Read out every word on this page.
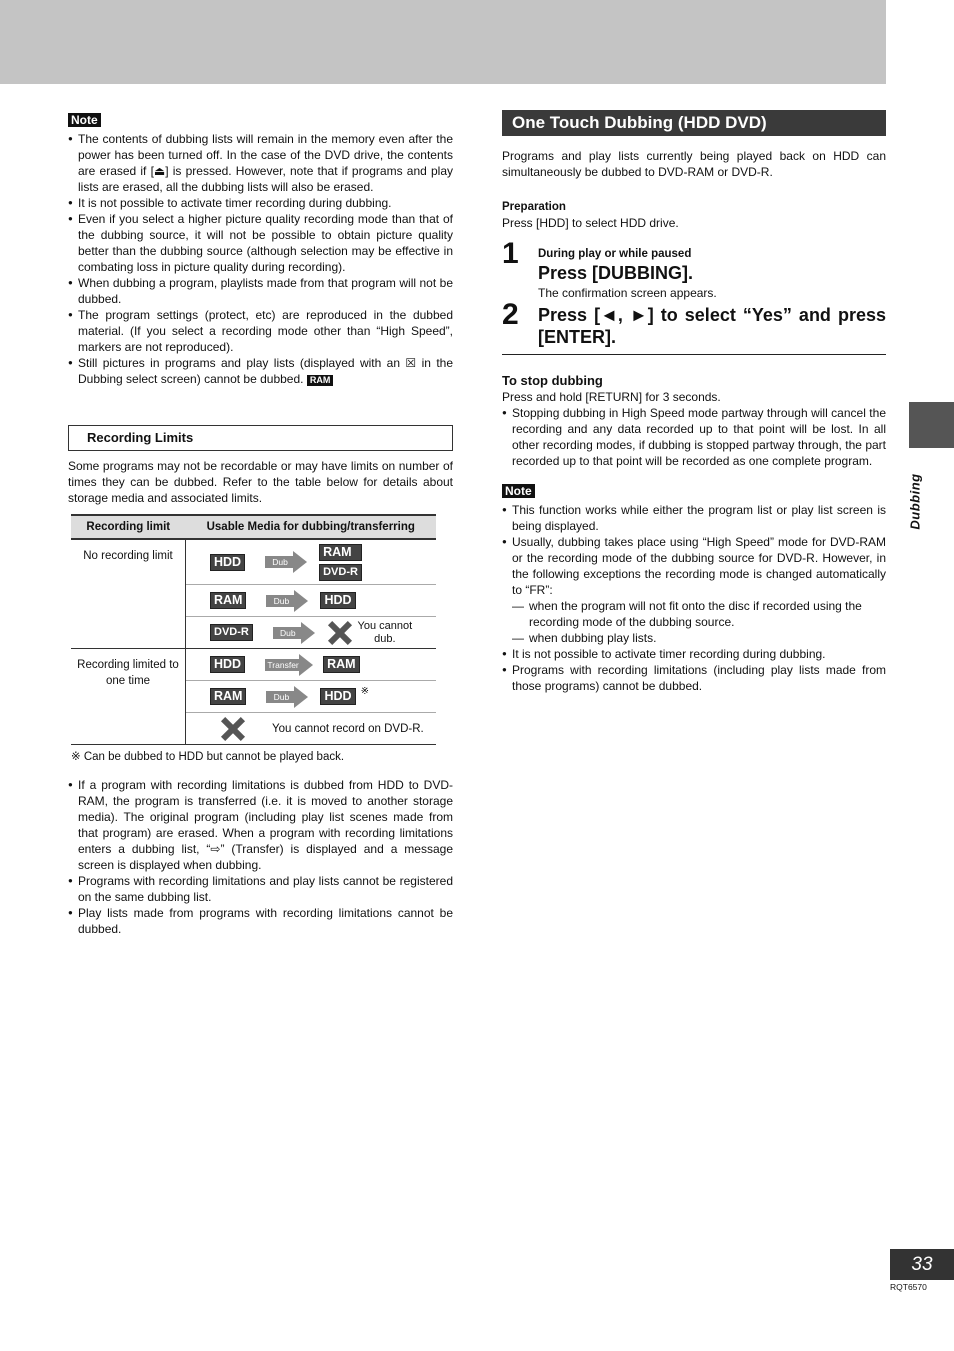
Dubbing
Note
● The contents of dubbing lists will remain in the memory even after the power has been turned off. In the case of the DVD drive, the contents are erased if [⏏] is pressed. However, note that if programs and play lists are erased, all the dubbing lists will also be erased.
● It is not possible to activate timer recording during dubbing.
● Even if you select a higher picture quality recording mode than that of the dubbing source, it will not be possible to obtain picture quality better than the dubbing source (although selection may be effective in combating loss in picture quality during recording).
● When dubbing a program, playlists made from that program will not be dubbed.
● The program settings (protect, etc) are reproduced in the dubbed material. (If you select a recording mode other than “High Speed”, markers are not reproduced).
● Still pictures in programs and play lists (displayed with an ☒ in the Dubbing select screen) cannot be dubbed. RAM
Recording Limits
Some programs may not be recordable or may have limits on number of times they can be dubbed. Refer to the table below for details about storage media and associated limits.
Recording limit	Usable Media for dubbing/transferring
No recording limit	HDD Dub
RAM
DVD-R

	RAM Dub HDD

	DVD-R Dub
You cannot dub.

Recording limited to one time	HDD Transfer RAM

	RAM Dub HDD ※

	You cannot record on DVD-R.
※ Can be dubbed to HDD but cannot be played back.
● If a program with recording limitations is dubbed from HDD to DVD-RAM, the program is transferred (i.e. it is moved to another storage media). The original program (including play list scenes made from that program) are erased. When a program with recording limitations enters a dubbing list, “⇨” (Transfer) is displayed and a message screen is displayed when dubbing.
● Programs with recording limitations and play lists cannot be registered on the same dubbing list.
● Play lists made from programs with recording limitations cannot be dubbed.
One Touch Dubbing (HDD DVD)
Programs and play lists currently being played back on HDD can simultaneously be dubbed to DVD-RAM or DVD-R.
Preparation
Press [HDD] to select HDD drive.
1 During play or while paused
Press [DUBBING].
The confirmation screen appears.
2 Press [◄, ►] to select “Yes” and press [ENTER].
To stop dubbing
Press and hold [RETURN] for 3 seconds.
● Stopping dubbing in High Speed mode partway through will cancel the recording and any data recorded up to that point will be lost. In all other recording modes, if dubbing is stopped partway through, the part recorded up to that point will be recorded as one complete program.
Note
● This function works while either the program list or play list screen is being displayed.
● Usually, dubbing takes place using “High Speed” mode for DVD-RAM or the recording mode of the dubbing source for DVD-R. However, in the following exceptions the recording mode is changed automatically to “FR”:
— when the program will not fit onto the disc if recorded using the recording mode of the dubbing source.
— when dubbing play lists.
● It is not possible to activate timer recording during dubbing.
● Programs with recording limitations (including play lists made from those programs) cannot be dubbed.
33
RQT6570
